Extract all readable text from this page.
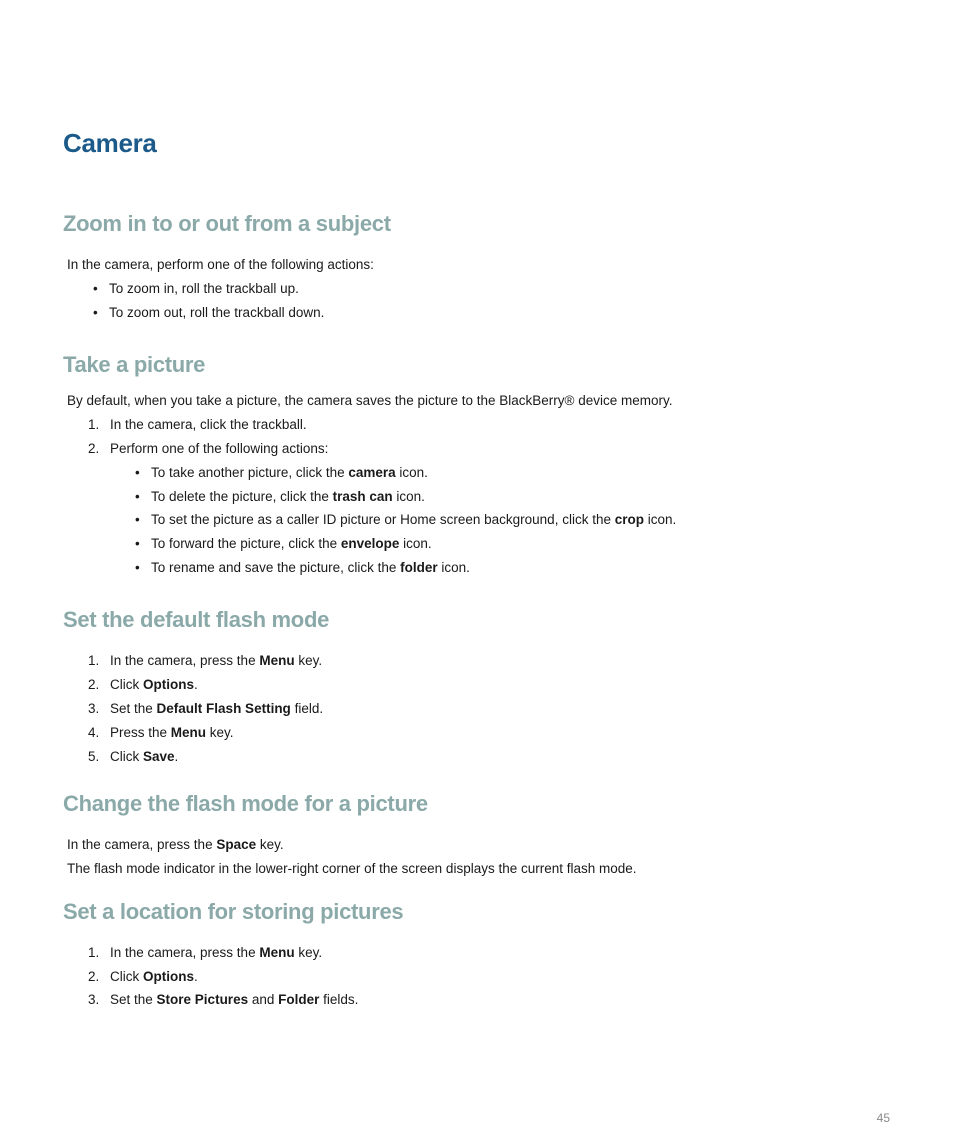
Camera
Zoom in to or out from a subject
In the camera, perform one of the following actions:
• To zoom in, roll the trackball up.
• To zoom out, roll the trackball down.
Take a picture
By default, when you take a picture, the camera saves the picture to the BlackBerry® device memory.
1. In the camera, click the trackball.
2. Perform one of the following actions:
• To take another picture, click the camera icon.
• To delete the picture, click the trash can icon.
• To set the picture as a caller ID picture or Home screen background, click the crop icon.
• To forward the picture, click the envelope icon.
• To rename and save the picture, click the folder icon.
Set the default flash mode
1. In the camera, press the Menu key.
2. Click Options.
3. Set the Default Flash Setting field.
4. Press the Menu key.
5. Click Save.
Change the flash mode for a picture
In the camera, press the Space key.
The flash mode indicator in the lower-right corner of the screen displays the current flash mode.
Set a location for storing pictures
1. In the camera, press the Menu key.
2. Click Options.
3. Set the Store Pictures and Folder fields.
45
